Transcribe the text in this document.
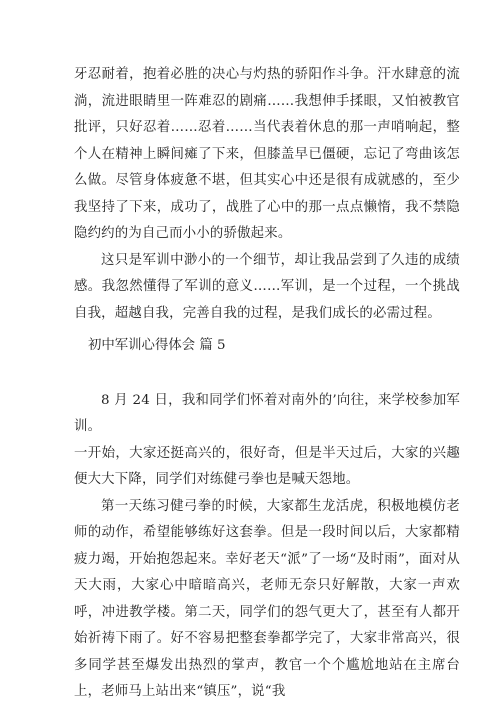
牙忍耐着，抱着必胜的决心与灼热的骄阳作斗争。汗水肆意的流淌，流进眼睛里一阵难忍的剧痛……我想伸手揉眼，又怕被教官批评，只好忍着……忍着……当代表着休息的那一声哨响起，整个人在精神上瞬间瘫了下来，但膝盖早已僵硬，忘记了弯曲该怎么做。尽管身体疲惫不堪，但其实心中还是很有成就感的，至少我坚持了下来，成功了，战胜了心中的那一点点懒惰，我不禁隐隐约约的为自己而小小的骄傲起来。

这只是军训中渺小的一个细节，却让我品尝到了久违的成绩感。我忽然懂得了军训的意义……军训，是一个过程，一个挑战自我，超越自我，完善自我的过程，是我们成长的必需过程。

初中军训心得体会 篇 5

8 月 24 日，我和同学们怀着对南外的’向往，来学校参加军训。

一开始，大家还挺高兴的，很好奇，但是半天过后，大家的兴趣便大大下降，同学们对练健弓拳也是喊天怨地。

第一天练习健弓拳的时候，大家都生龙活虎，积极地模仿老师的动作，希望能够练好这套拳。但是一段时间以后，大家都精疲力竭，开始抱怨起来。幸好老天“派”了一场“及时雨”，面对从天大雨，大家心中暗暗高兴，老师无奈只好解散，大家一声欢呼，冲进教学楼。第二天，同学们的怨气更大了，甚至有人都开始祈祷下雨了。好不容易把整套拳都学完了，大家非常高兴，很多同学甚至爆发出热烈的掌声，教官一个个尴尬地站在主席台上，老师马上站出来“镇压”，说“我
